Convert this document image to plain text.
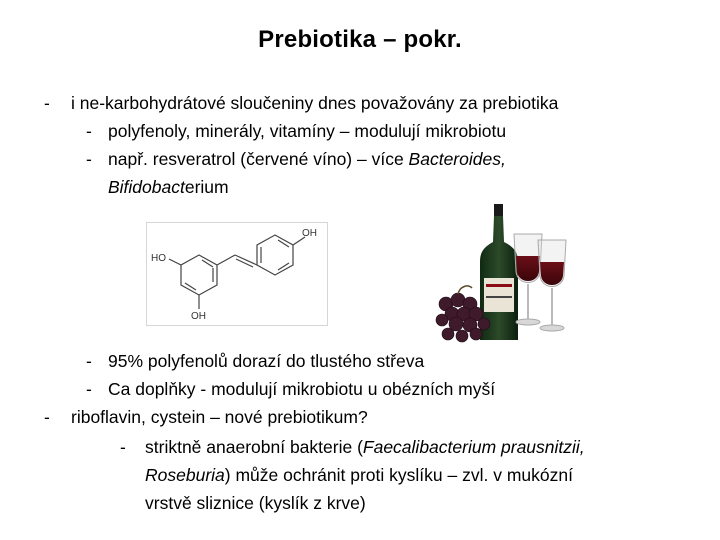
Prebiotika – pokr.
- i ne-karbohydrátové sloučeniny dnes považovány za prebiotika
- polyfenoly, minerály, vitamíny – modulují mikrobiotu
- např. resveratrol (červené víno) – více Bacteroides,
Bifidobacterium
OH
HO
OH
- 95% polyfenolů dorazí do tlustého střeva
- Ca doplňky - modulují mikrobiotu u obézních myší
- riboflavin, cystein – nové prebiotikum?
- striktně anaerobní bakterie (Faecalibacterium prausnitzii,
Roseburia) může ochránit proti kyslíku – zvl. v mukózní
vrstvě sliznice (kyslík z krve)
